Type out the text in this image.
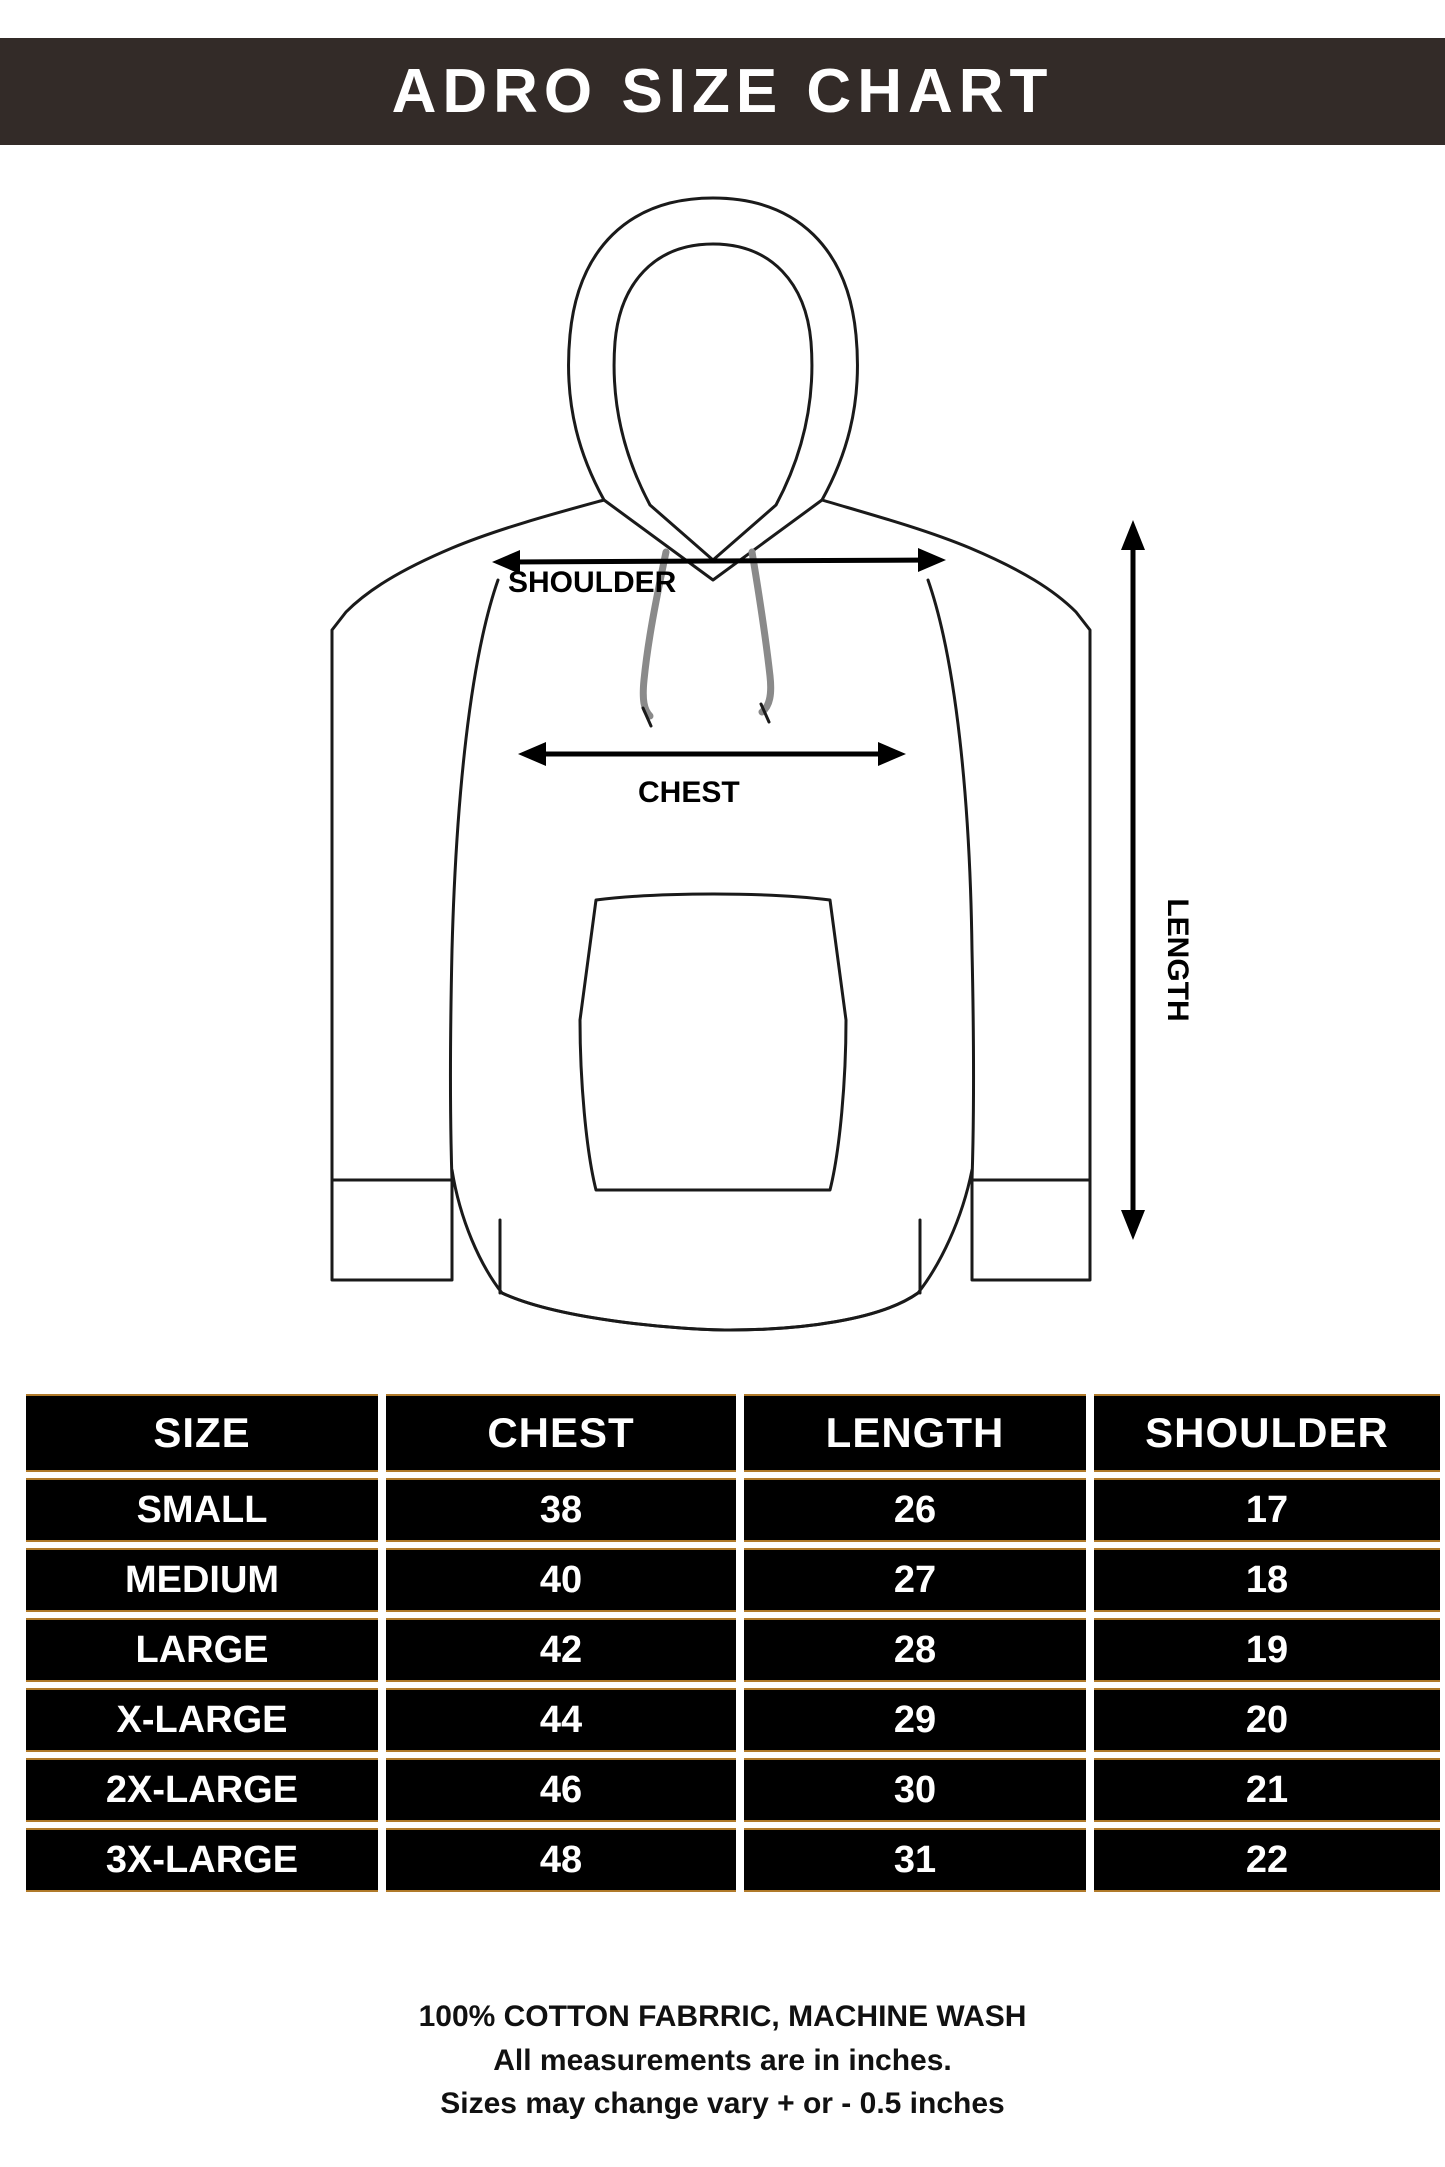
ADRO SIZE CHART
SHOULDER
CHEST
LENGTH
SIZE	CHEST	LENGTH	SHOULDER
SMALL	38	26	17
MEDIUM	40	27	18
LARGE	42	28	19
X-LARGE	44	29	20
2X-LARGE	46	30	21
3X-LARGE	48	31	22
100% COTTON FABRRIC, MACHINE WASH
All measurements are in inches.
Sizes may change vary + or - 0.5 inches
